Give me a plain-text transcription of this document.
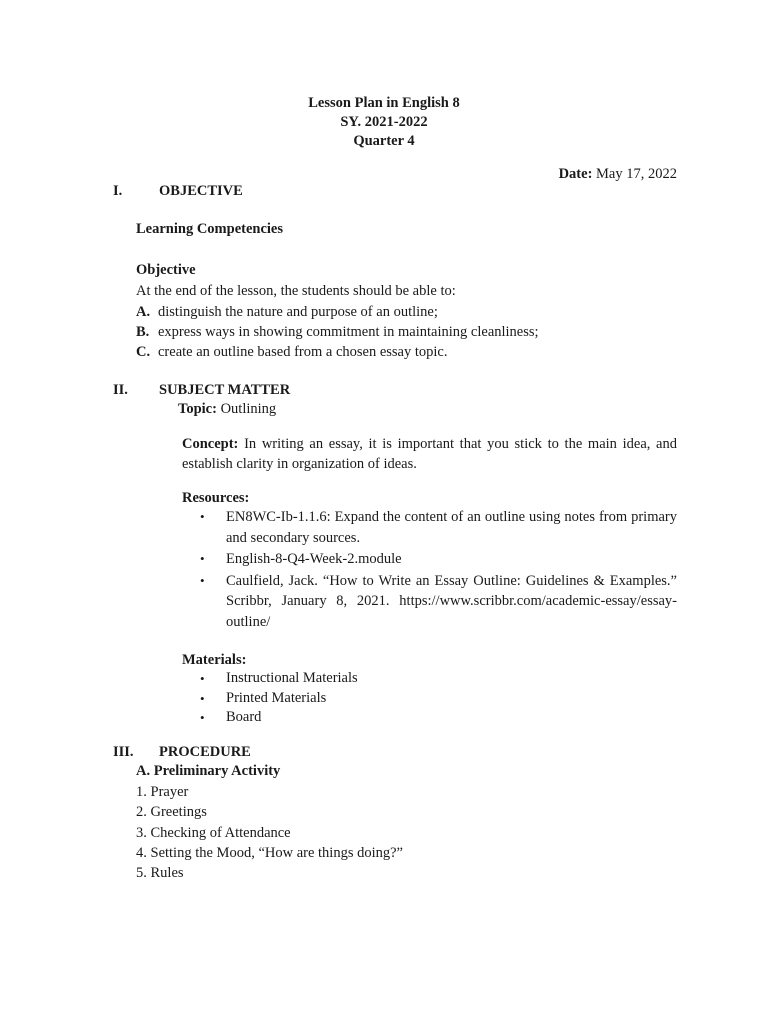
Lesson Plan in English 8
SY. 2021-2022
Quarter 4
Date: May 17, 2022
I.	OBJECTIVE
Learning Competencies
Objective
At the end of the lesson, the students should be able to:
A. distinguish the nature and purpose of an outline;
B. express ways in showing commitment in maintaining cleanliness;
C. create an outline based from a chosen essay topic.
II. SUBJECT MATTER
Topic: Outlining
Concept: In writing an essay, it is important that you stick to the main idea, and establish clarity in organization of ideas.
Resources:
• EN8WC-Ib-1.1.6: Expand the content of an outline using notes from primary and secondary sources.
• English-8-Q4-Week-2.module
• Caulfield, Jack. “How to Write an Essay Outline: Guidelines & Examples.” Scribbr, January 8, 2021. https://www.scribbr.com/academic-essay/essay-outline/
Materials:
• Instructional Materials
• Printed Materials
• Board
III. PROCEDURE
A. Preliminary Activity
1. Prayer
2. Greetings
3. Checking of Attendance
4. Setting the Mood, “How are things doing?”
5. Rules
